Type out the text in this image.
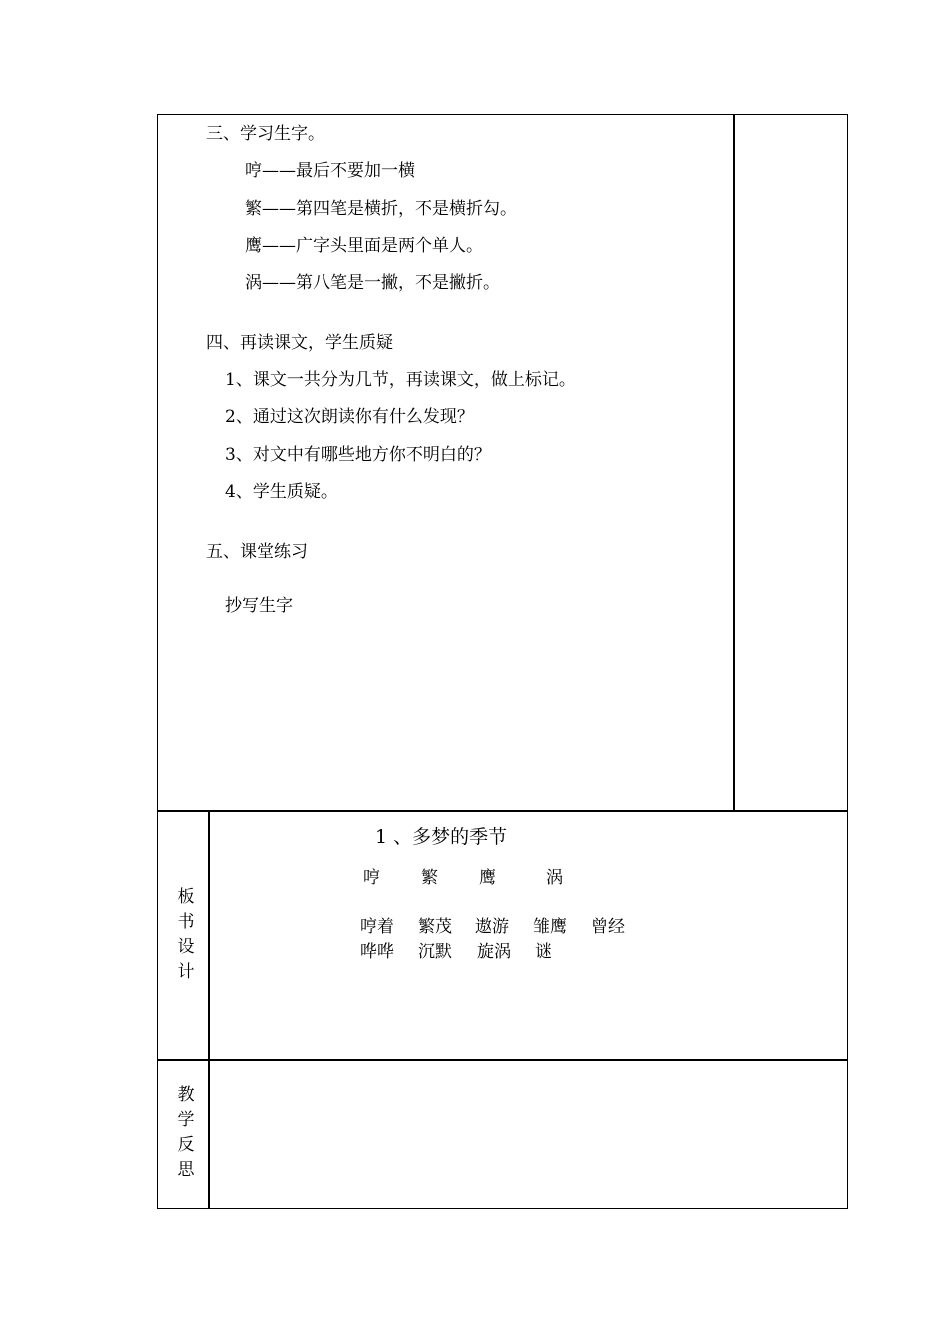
三、学习生字。
哼——最后不要加一横
繁——第四笔是横折，不是横折勾。
鹰——广字头里面是两个单人。
涡——第八笔是一撇，不是撇折。
四、再读课文，学生质疑
1、课文一共分为几节，再读课文，做上标记。
2、通过这次朗读你有什么发现？
3、对文中有哪些地方你不明白的？
4、学生质疑。
五、课堂练习
抄写生字
板
书
设
计
1 、多梦的季节
哼 繁 鹰	涡
哼着 繁茂 遨游 雏鹰 曾经
哗哗 沉默 旋涡 谜
教
学
反
思
